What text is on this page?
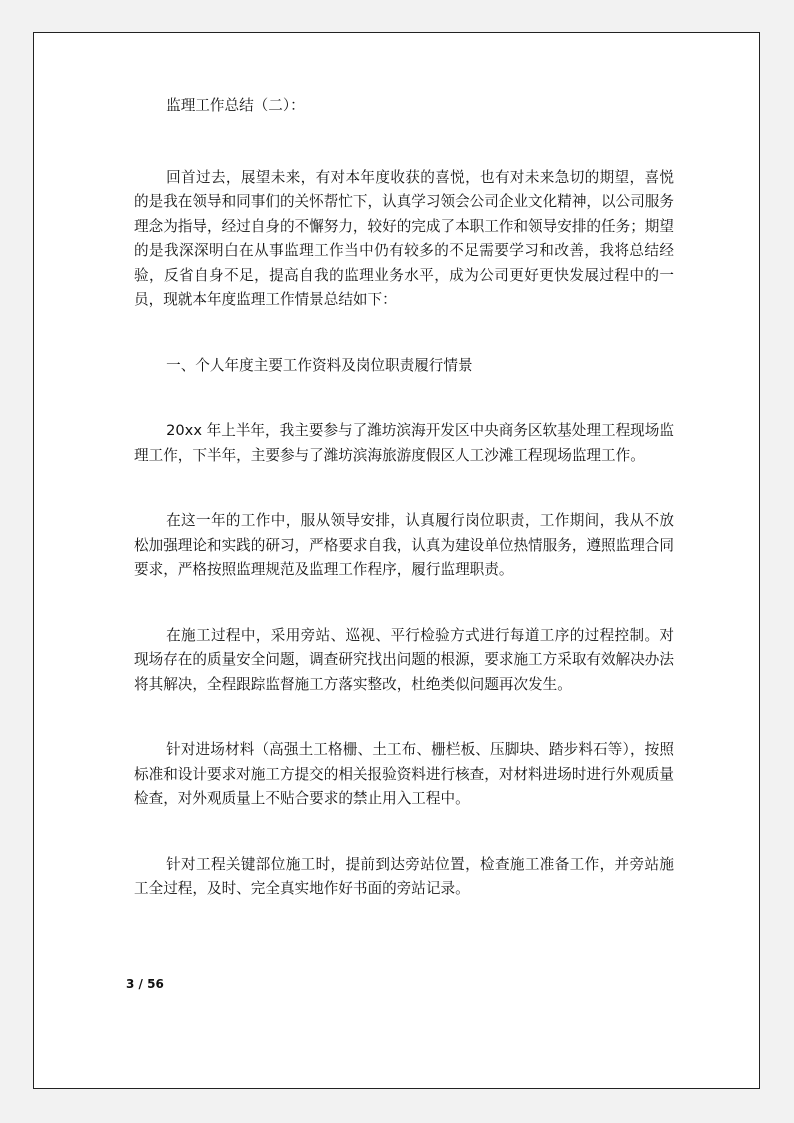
监理工作总结（二）：

回首过去，展望未来，有对本年度收获的喜悦，也有对未来急切的期望，喜悦的是我在领导和同事们的关怀帮忙下，认真学习领会公司企业文化精神，以公司服务理念为指导，经过自身的不懈努力，较好的完成了本职工作和领导安排的任务；期望的是我深深明白在从事监理工作当中仍有较多的不足需要学习和改善，我将总结经验，反省自身不足，提高自我的监理业务水平，成为公司更好更快发展过程中的一员，现就本年度监理工作情景总结如下：

一、个人年度主要工作资料及岗位职责履行情景

20xx 年上半年，我主要参与了潍坊滨海开发区中央商务区软基处理工程现场监理工作，下半年，主要参与了潍坊滨海旅游度假区人工沙滩工程现场监理工作。

在这一年的工作中，服从领导安排，认真履行岗位职责，工作期间，我从不放松加强理论和实践的研习，严格要求自我，认真为建设单位热情服务，遵照监理合同要求，严格按照监理规范及监理工作程序，履行监理职责。

在施工过程中，采用旁站、巡视、平行检验方式进行每道工序的过程控制。对现场存在的质量安全问题，调查研究找出问题的根源，要求施工方采取有效解决办法将其解决，全程跟踪监督施工方落实整改，杜绝类似问题再次发生。

针对进场材料（高强土工格栅、土工布、栅栏板、压脚块、踏步料石等），按照标准和设计要求对施工方提交的相关报验资料进行核查，对材料进场时进行外观质量检查，对外观质量上不贴合要求的禁止用入工程中。

针对工程关键部位施工时，提前到达旁站位置，检查施工准备工作，并旁站施工全过程，及时、完全真实地作好书面的旁站记录。

3 / 56
